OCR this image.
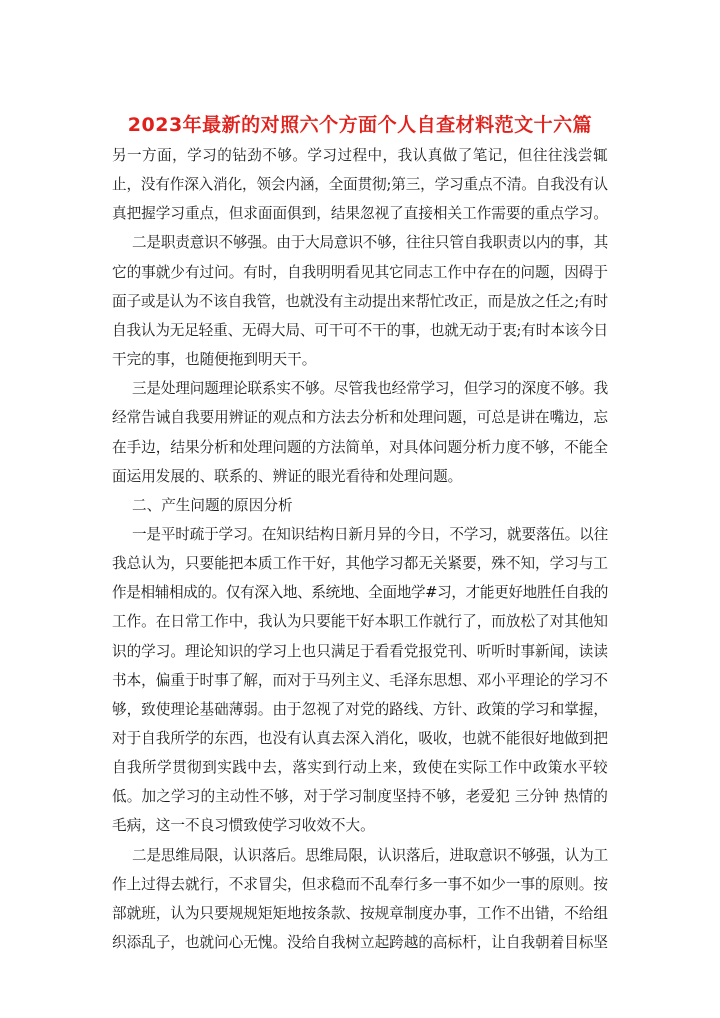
2023年最新的对照六个方面个人自查材料范文十六篇
另一方面，学习的钻劲不够。学习过程中，我认真做了笔记，但往往浅尝辄
止，没有作深入消化，领会内涵，全面贯彻;第三，学习重点不清。自我没有认
真把握学习重点，但求面面俱到，结果忽视了直接相关工作需要的重点学习。
二是职责意识不够强。由于大局意识不够，往往只管自我职责以内的事，其
它的事就少有过问。有时，自我明明看见其它同志工作中存在的问题，因碍于
面子或是认为不该自我管，也就没有主动提出来帮忙改正，而是放之任之;有时
自我认为无足轻重、无碍大局、可干可不干的事，也就无动于衷;有时本该今日
干完的事，也随便拖到明天干。
三是处理问题理论联系实不够。尽管我也经常学习，但学习的深度不够。我
经常告诫自我要用辨证的观点和方法去分析和处理问题，可总是讲在嘴边，忘
在手边，结果分析和处理问题的方法简单，对具体问题分析力度不够，不能全
面运用发展的、联系的、辨证的眼光看待和处理问题。
二、产生问题的原因分析
一是平时疏于学习。在知识结构日新月异的今日，不学习，就要落伍。以往
我总认为，只要能把本质工作干好，其他学习都无关紧要，殊不知，学习与工
作是相辅相成的。仅有深入地、系统地、全面地学#习，才能更好地胜任自我的
工作。在日常工作中，我认为只要能干好本职工作就行了，而放松了对其他知
识的学习。理论知识的学习上也只满足于看看党报党刊、听听时事新闻，读读
书本，偏重于时事了解，而对于马列主义、毛泽东思想、邓小平理论的学习不
够，致使理论基础薄弱。由于忽视了对党的路线、方针、政策的学习和掌握，
对于自我所学的东西，也没有认真去深入消化，吸收，也就不能很好地做到把
自我所学贯彻到实践中去，落实到行动上来，致使在实际工作中政策水平较
低。加之学习的主动性不够，对于学习制度坚持不够，老爱犯 三分钟 热情的
毛病，这一不良习惯致使学习收效不大。
二是思维局限，认识落后。思维局限，认识落后，进取意识不够强，认为工
作上过得去就行，不求冒尖，但求稳而不乱奉行多一事不如少一事的原则。按
部就班，认为只要规规矩矩地按条款、按规章制度办事，工作不出错，不给组
织添乱子，也就问心无愧。没给自我树立起跨越的高标杆，让自我朝着目标坚
